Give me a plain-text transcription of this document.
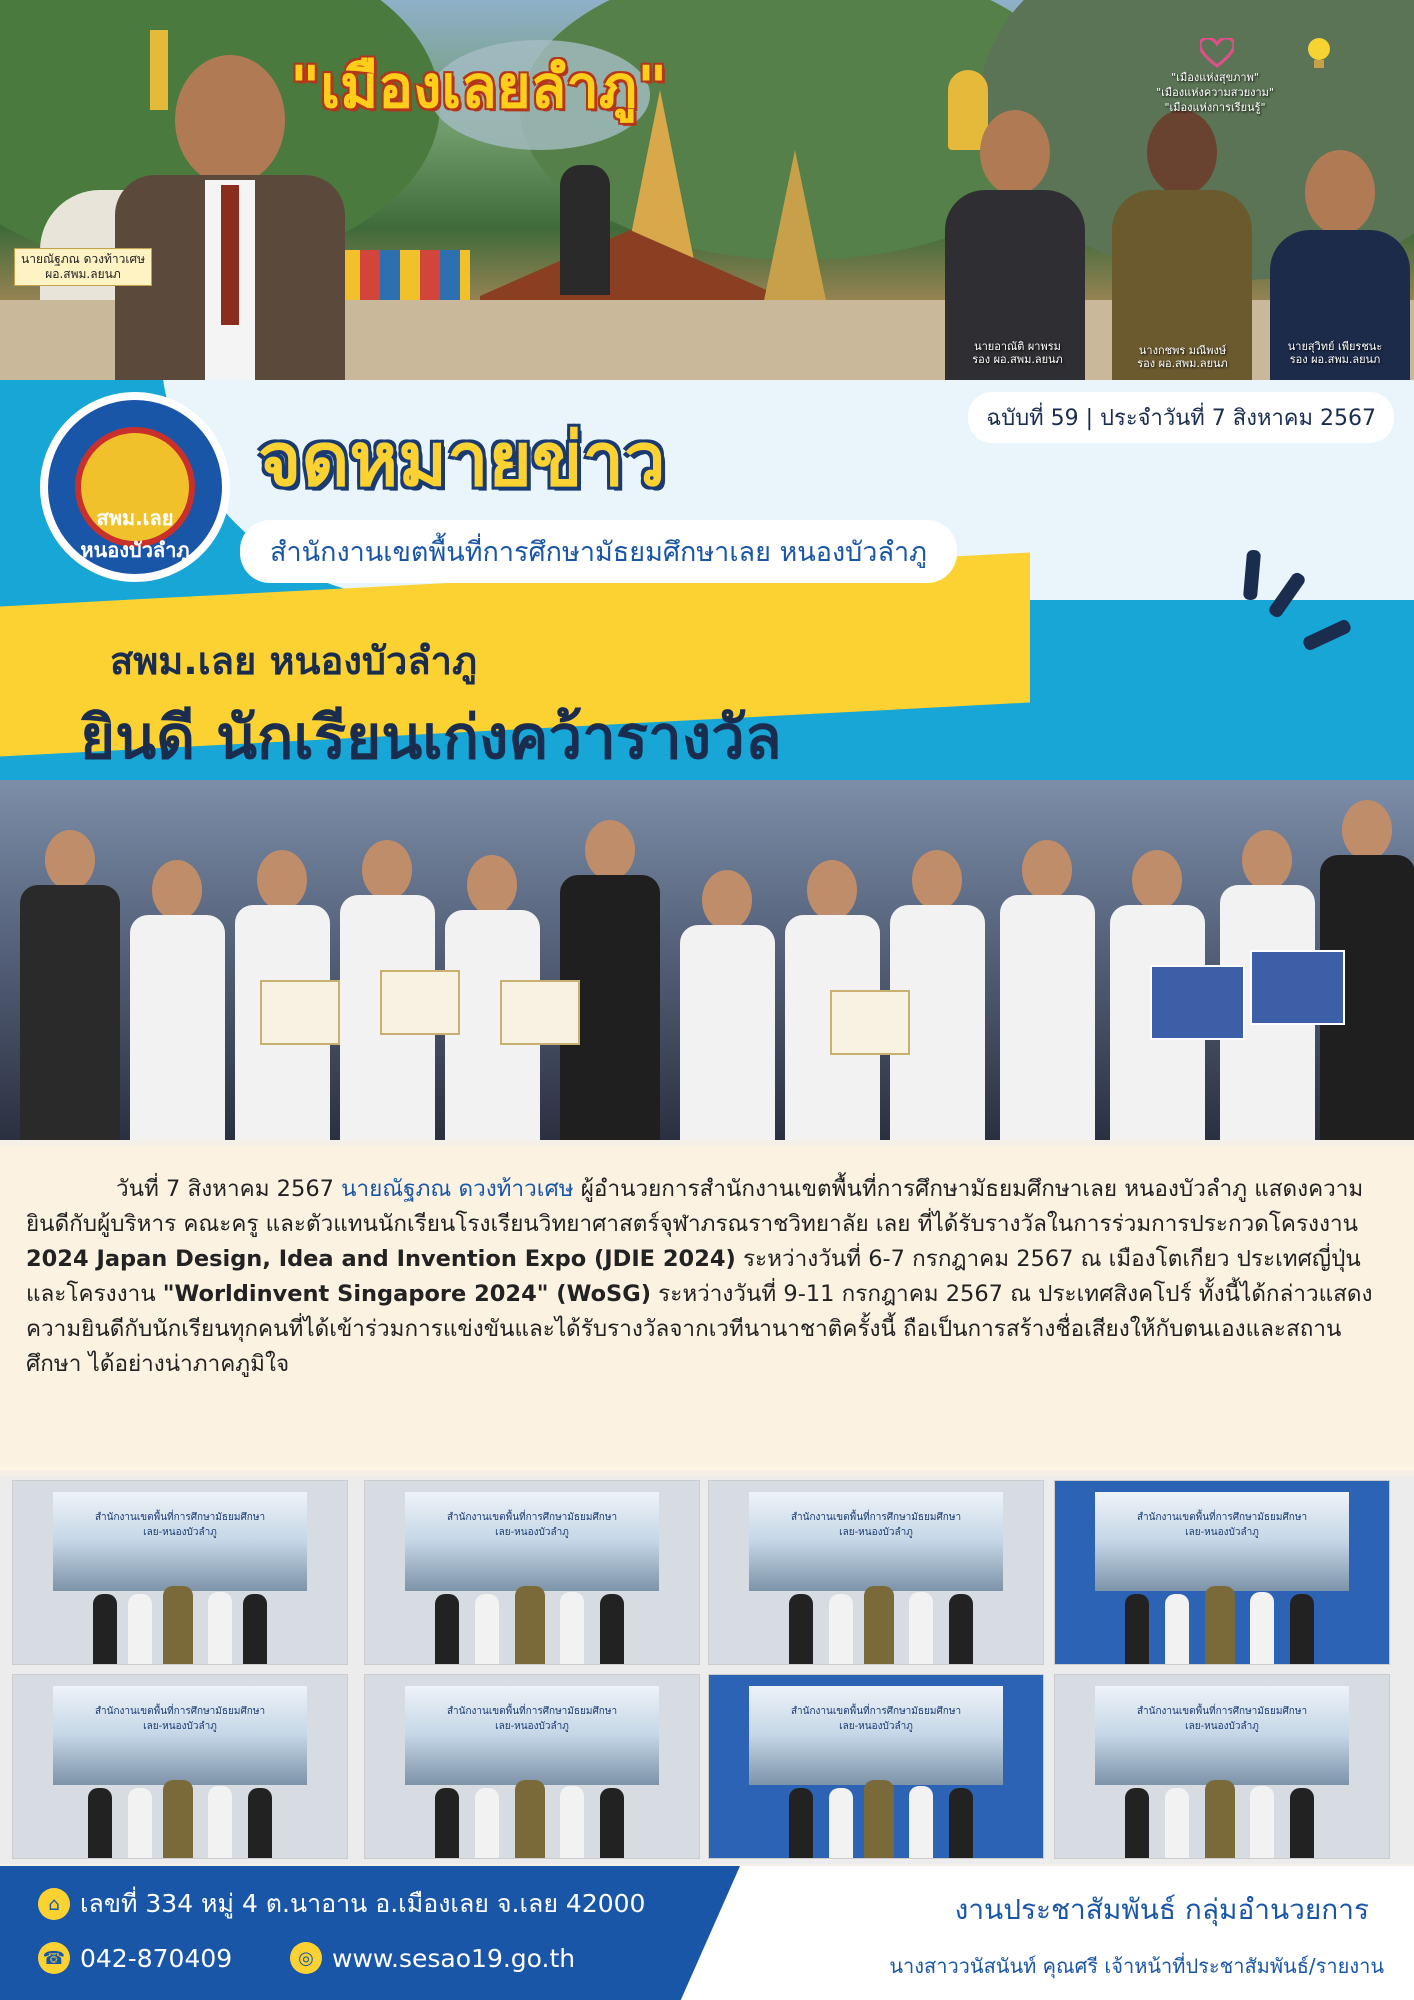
"เมืองเลยลำภู"
นายณัฐภณ ดวงท้าวเศษ
ผอ.สพม.ลยนภ
นายอาณัติ ผาพรม
รอง ผอ.สพม.ลยนภ
นางกชพร มณีพงษ์
รอง ผอ.สพม.ลยนภ
นายสุวิทย์ เพียรชนะ
รอง ผอ.สพม.ลยนภ
"เมืองแห่งสุขภาพ"
"เมืองแห่งความสวยงาม"
"เมืองแห่งการเรียนรู้"
สพม.เลย หนองบัวลำภู
ฉบับที่ 59 | ประจำวันที่ 7 สิงหาคม 2567
จดหมายข่าว
สำนักงานเขตพื้นที่การศึกษามัธยมศึกษาเลย หนองบัวลำภู
สพม.เลย หนองบัวลำภู
ยินดี นักเรียนเก่งคว้ารางวัล

วันที่ 7 สิงหาคม 2567 นายณัฐภณ ดวงท้าวเศษ ผู้อำนวยการสำนักงานเขตพื้นที่การศึกษามัธยมศึกษาเลย หนองบัวลำภู แสดงความยินดีกับผู้บริหาร คณะครู และตัวแทนนักเรียนโรงเรียนวิทยาศาสตร์จุฬาภรณราชวิทยาลัย เลย ที่ได้รับรางวัลในการร่วมการประกวดโครงงาน 2024 Japan Design, Idea and Invention Expo (JDIE 2024) ระหว่างวันที่ 6-7 กรกฎาคม 2567 ณ เมืองโตเกียว ประเทศญี่ปุ่น และโครงงาน "Worldinvent Singapore 2024" (WoSG) ระหว่างวันที่ 9-11 กรกฎาคม 2567 ณ ประเทศสิงคโปร์ ทั้งนี้ได้กล่าวแสดงความยินดีกับนักเรียนทุกคนที่ได้เข้าร่วมการแข่งขันและได้รับรางวัลจากเวทีนานาชาติครั้งนี้ ถือเป็นการสร้างชื่อเสียงให้กับตนเองและสถานศึกษา ได้อย่างน่าภาคภูมิใจ

สำนักงานเขตพื้นที่การศึกษามัธยมศึกษา
เลย-หนองบัวลำภู
สำนักงานเขตพื้นที่การศึกษามัธยมศึกษา
เลย-หนองบัวลำภู
สำนักงานเขตพื้นที่การศึกษามัธยมศึกษา
เลย-หนองบัวลำภู
สำนักงานเขตพื้นที่การศึกษามัธยมศึกษา
เลย-หนองบัวลำภู
สำนักงานเขตพื้นที่การศึกษามัธยมศึกษา
เลย-หนองบัวลำภู
สำนักงานเขตพื้นที่การศึกษามัธยมศึกษา
เลย-หนองบัวลำภู
สำนักงานเขตพื้นที่การศึกษามัธยมศึกษา
เลย-หนองบัวลำภู
สำนักงานเขตพื้นที่การศึกษามัธยมศึกษา
เลย-หนองบัวลำภู
⌂ เลขที่ 334 หมู่ 4 ต.นาอาน อ.เมืองเลย จ.เลย 42000
☎ 042-870409	◎ www.sesao19.go.th
งานประชาสัมพันธ์ กลุ่มอำนวยการ
นางสาววนัสนันท์ คุณศรี เจ้าหน้าที่ประชาสัมพันธ์/รายงาน
